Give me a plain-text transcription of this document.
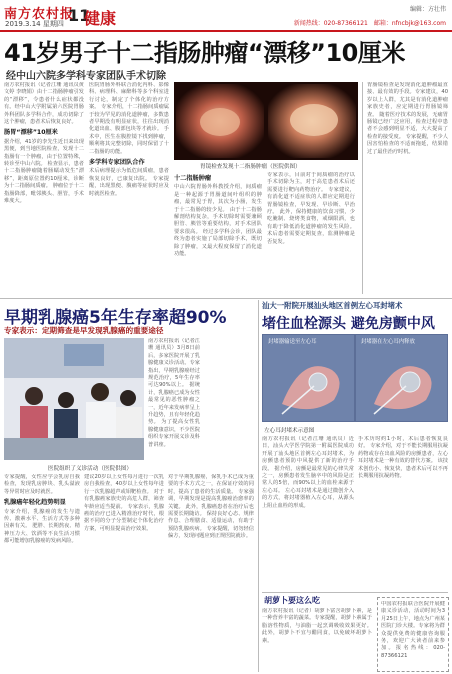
南方农村报
2019.3.14 星期四 11
健康	编辑：方壮伟
新闻热线：020-87366121　邮箱：nfncbjk@163.com
41岁男子十二指肠肿瘤“漂移”10厘米
经中山六院多学科专家团队手术切除
南方农村报讯（记者江珊 通讯员黄文婷 李晓娟）由十二指肠肿瘤引发的“漂移”，令患者什么症状都没有。经中山大学附属第六医院胃肠外科团队多学科合作，成功切除了这个肿瘤，患者术后恢复良好。
肠胃“漂移”10厘米
据介绍，41岁的李先生近日来出现黑便，到当地医院检查，发现十二指肠有一个肿瘤，由于位置特殊，转诊至中山六院。 检查显示，患者十二指肠肿瘤随着肠蠕动发生“漂移”，距离原位置约10厘米，诊断为十二指肠间质瘤。 肿瘤位于十二指肠降部，毗邻胰头、胆管，手术难度大。
医院胃肠外科联合消化内科、影像科、病理科、麻醉科等多个科室进行讨论，制定了个体化的治疗方案。 专家介绍，十二指肠间质瘤属于较为罕见的消化道肿瘤，多数患者早期没有明显症状，往往出现消化道出血、腹部包块等才就诊。 手术中，医生在腹腔镜下找到肿瘤，顺利将其完整切除，同时保留了十二指肠的功能。
多学科专家团队合作
术后病理提示为低危间质瘤，患者恢复良好，已康复出院。 专家提醒，出现黑便、腹痛等症状时应及时就医检查。
胃镜检查发现十二指肠肿瘤（医院供图）
十二指肠肿瘤
中山六院胃肠外科教授介绍，间质瘤是一种起源于胃肠道间叶组织的肿瘤，最常见于胃，其次为小肠，发生于十二指肠的较少见。 由于十二指肠解剖结构复杂，手术切除时需要兼顾胆管、胰管等重要结构，对手术团队要求很高。 经过多学科会诊，团队最终为患者实施了局部切除手术，既切除了肿瘤，又最大程度保留了消化道功能。
专家表示，目前对于间质瘤的治疗以手术切除为主，对于高危患者术后还需要进行靶向药物治疗。 专家建议，有消化道不适症状的人群应定期进行胃肠镜检查，早发现、早诊断、早治疗。 此外，保持健康的饮食习惯，少吃腌制、烧烤类食物，戒烟限酒，也有助于降低消化道肿瘤的发生风险。 术后患者需要定期复查，监测肿瘤是否复发。
胃肠镜检查是发现消化道肿瘤最直接、最有效的手段。专家建议，40岁以上人群，尤其是有消化道肿瘤家族史者，应定期进行胃肠镜筛查。 随着医疗技术的发展，无痛胃肠镜已经广泛应用，检查过程中患者不会感到明显不适，大大提高了检查的接受度。 专家提醒，不少人因害怕检查的不适而拖延，结果错过了最佳治疗时机。
早期乳腺癌5年生存率超90%
专家表示：定期筛查是早发现乳腺癌的重要途径
医院组织了义诊活动（医院供图）
南方农村报讯（记者江珊 通讯员）3月8日前后，多家医院开展了乳腺健康义诊活动。专家指出，早期乳腺癌经过规范治疗，5年生存率可达90%以上。 据统计，乳腺癌已成为女性最常见的恶性肿瘤之一，近年来发病率呈上升趋势，且有年轻化趋势。 为了提高女性乳腺健康意识，不少医院组织专家开展义诊及科普讲座。
专家提醒，女性应学会乳房自我检查，发现乳房肿块、乳头溢液等异常时应及时就医。
乳腺癌年轻化趋势明显
专家介绍，乳腺癌的发生与遗传、激素水平、生活方式等多种因素有关。 肥胖、长期熬夜、精神压力大、饮酒等不良生活习惯都可能增加乳腺癌的发病风险。
建议20岁以上女性每月进行一次乳房自我检查，40岁以上女性每年进行一次乳腺超声或钼靶检查。 对于有乳腺癌家族史的高危人群，筛查年龄应适当提前。 专家表示，乳腺癌的治疗已进入精准治疗时代，根据不同的分子分型制定个体化治疗方案，可明显提高治疗效果。
对于早期乳腺癌，保乳手术已成为重要的手术方式之一，在保证疗效的同时，提高了患者的生活质量。 专家强调，早期发现是提高乳腺癌治愈率的关键。 此外，乳腺癌患者在治疗后也需要长期随访。 保持良好心态、规律作息、合理膳食、适量运动，有助于预防乳腺疾病。 专家提醒，切勿轻信偏方，发现问题应到正规医院就诊。
汕大一附院开展汕头地区首例左心耳封堵术
堵住血栓源头 避免房颤中风
封堵器输送至左心耳	封堵器在左心耳内释放
左心耳封堵术示意图
南方农村报讯（记者江珊 通讯员）近日，汕头大学医学院第一附属医院成功开展了汕头地区首例左心耳封堵术，为房颤患者预防中风提供了新的治疗手段。 据介绍，房颤是最常见的心律失常之一，房颤患者发生脑卒中的风险是正常人的5倍，而90%以上的血栓来源于左心耳。 左心耳封堵术是通过微创介入的方式，将封堵器植入左心耳，从源头上阻止血栓的形成。
手术历时约1小时，术后患者恢复良好。 专家介绍，对于不能长期服用抗凝药物或存在出血风险的房颤患者，左心耳封堵术是一种有效的替代方案。 该技术创伤小、恢复快，患者术后可以不再长期服用抗凝药物。
胡萝卜要这么吃
南方农村报讯（记者）胡萝卜富含胡萝卜素，是一种营养丰富的蔬菜。专家提醒，胡萝卜素属于脂溶性物质，与油脂一起烹调吸收效果更好。 此外，胡萝卜不宜与醋同食，以免破坏胡萝卜素。
中国农村报联合医院开展健康义诊活动，活动时间为3月25日上午，地点为广州某医院门诊大楼。专家将为群众提供免费的健康咨询服务，欢迎广大读者前来参加。报名热线：020-87366121
